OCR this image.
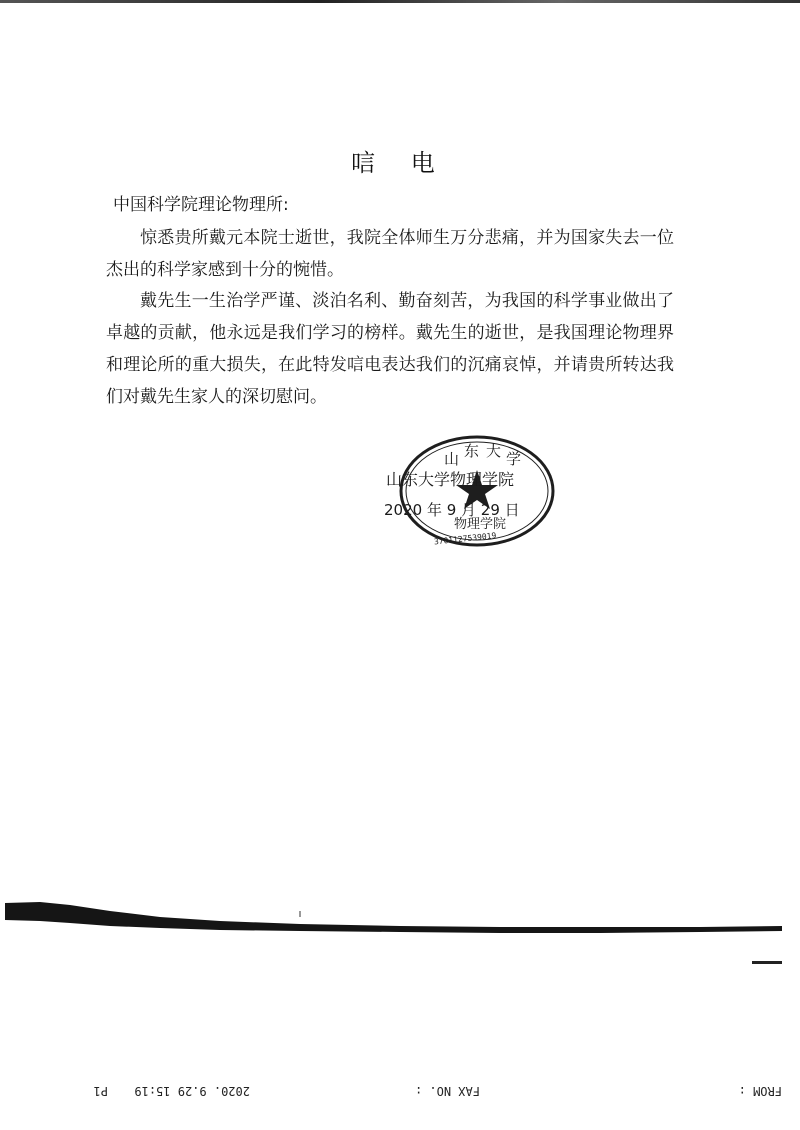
唁 电
中国科学院理论物理所:
惊悉贵所戴元本院士逝世，我院全体师生万分悲痛，并为国家失去一位杰出的科学家感到十分的惋惜。
戴先生一生治学严谨、淡泊名利、勤奋刻苦，为我国的科学事业做出了卓越的贡献，他永远是我们学习的榜样。戴先生的逝世，是我国理论物理界和理论所的重大损失，在此特发唁电表达我们的沉痛哀悼，并请贵所转达我们对戴先生家人的深切慰问。
山 东 大 学
物理学院
3701127539019
山东大学物理学院
2020 年 9 月 29 日
FROM :
FAX NO. :
2020. 9.29 15:19
P1
